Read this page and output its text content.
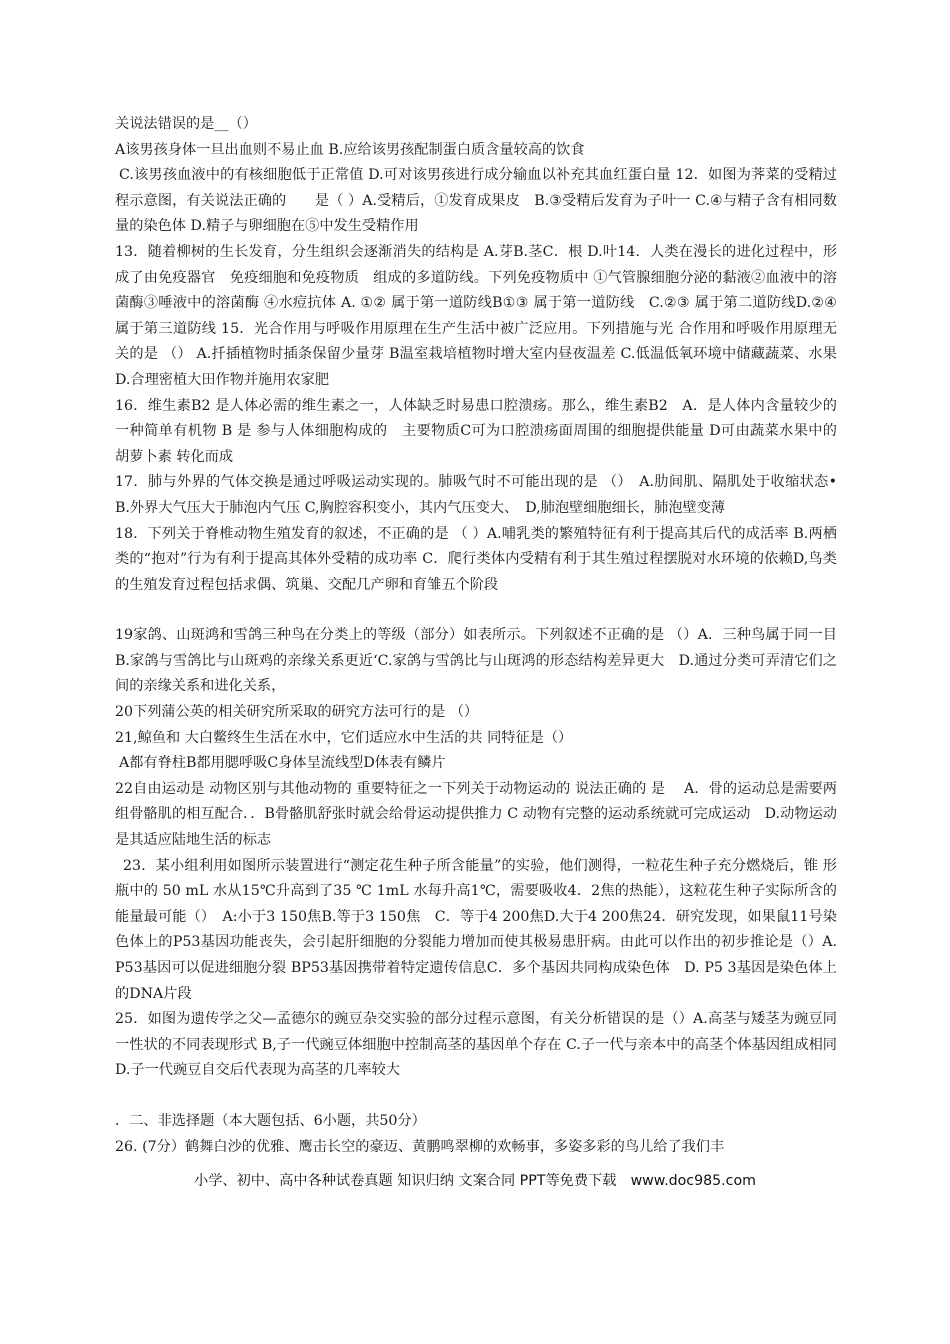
关说法错误的是__（）

A该男孩身体一旦出血则不易止血 B.应给该男孩配制蛋白质含量较高的饮食

C.该男孩血液中的有核细胞低于正常值 D.可对该男孩进行成分输血以补充其血红蛋白量 12．如图为荠菜的受精过程示意图，有关说法正确的　　是（ ）A.受精后，①发育成果皮　B.③受精后发育为子叶一 C.④与精子含有相同数量的染色体 D.精子与卵细胞在⑤中发生受精作用

13．随着柳树的生长发育，分生组织会逐渐消失的结构是 A.芽B.茎C．根 D.叶14．人类在漫长的进化过程中，形成了由免疫器官　免疫细胞和免疫物质　组成的多道防线。下列免疫物质中 ①气管腺细胞分泌的黏液②血液中的溶菌酶③唾液中的溶菌酶 ④水痘抗体 A. ①② 属于第一道防线B①③ 属于第一道防线　C.②③ 属于第二道防线D.②④ 属于第三道防线 15．光合作用与呼吸作用原理在生产生活中被广泛应用。下列措施与光 合作用和呼吸作用原理无关的是 （） A.扦插植物时插条保留少量芽 B温室栽培植物时增大室内昼夜温差 C.低温低氧环境中储藏蔬菜、水果 D.合理密植大田作物并施用农家肥

16．维生素B2 是人体必需的维生素之一，人体缺乏时易患口腔溃疡。那么，维生素B2　A．是人体内含量较少的一种简单有机物 B 是 参与人体细胞构成的　主要物质C可为口腔溃疡面周围的细胞提供能量 D可由蔬菜水果中的 胡萝卜素 转化而成

17．肺与外界的气体交换是通过呼吸运动实现的。肺吸气时不可能出现的是 （）　A.肋间肌、隔肌处于收缩状态• B.外界大气压大于肺泡内气压 C,胸腔容积变小，其内气压变大、　D,肺泡壁细胞细长，肺泡壁变薄

18．下列关于脊椎动物生殖发育的叙述，不正确的是 （ ）A.哺乳类的繁殖特征有利于提高其后代的成活率 B.两栖类的“抱对”行为有利于提高其体外受精的成功率 C．爬行类体内受精有利于其生殖过程摆脱对水环境的依赖D,鸟类的生殖发育过程包括求偶、筑巢、交配几产卵和育雏五个阶段

19家鸽、山斑鸿和雪鸽三种鸟在分类上的等级（部分）如表所示。下列叙述不正确的是 （）A．三种鸟属于同一目 B.家鸽与雪鸽比与山斑鸡的亲缘关系更近‘C.家鸽与雪鸽比与山斑鸿的形态结构差异更大　D.通过分类可弄清它们之间的亲缘关系和进化关系，

20下列蒲公英的相关研究所采取的研究方法可行的是 （）

21,鲸鱼和 大白鳖终生生活在水中，它们适应水中生活的共 同特征是（）

A都有脊柱B都用腮呼吸C身体呈流线型D体表有鳞片

22自由运动是 动物区别与其他动物的 重要特征之一下列关于动物运动的 说法正确的 是　 A．骨的运动总是需要两组骨骼肌的相互配合．．B骨骼肌舒张时就会给骨运动提供推力 C 动物有完整的运动系统就可完成运动　D.动物运动是其适应陆地生活的标志

23．某小组利用如图所示装置进行“测定花生种子所含能量”的实验，他们测得，一粒花生种子充分燃烧后，锥 形瓶中的 50 mL 水从15℃升高到了35 ℃ 1mL 水每升高1℃，需要吸收4．2焦的热能），这粒花生种子实际所含的能量最可能（）　A:小于3 150焦B.等于3 150焦　C．等于4 200焦D.大于4 200焦24．研究发现，如果鼠11号染色体上的P53基因功能丧失，会引起肝细胞的分裂能力增加而使其极易患肝病。由此可以作出的初步推论是（）A. P53基因可以促进细胞分裂 BP53基因携带着特定遗传信息C．多个基因共同构成染色体　D. P5 3基因是染色体上的DNA片段

25．如图为遗传学之父—孟德尔的豌豆杂交实验的部分过程示意图，有关分析错误的是（）A.高茎与矮茎为豌豆同一性状的不同表现形式 B,子一代豌豆体细胞中控制高茎的基因单个存在 C.子一代与亲本中的高茎个体基因组成相同 D.子一代豌豆自交后代表现为高茎的几率较大

．二、非选择题（本大题包括、6小题，共50分）

26. (7分）鹤舞白沙的优雅、鹰击长空的豪迈、黄鹏鸣翠柳的欢畅事，多姿多彩的鸟儿给了我们丰

小学、初中、高中各种试卷真题 知识归纳 文案合同 PPT等免费下载　www.doc985.com
